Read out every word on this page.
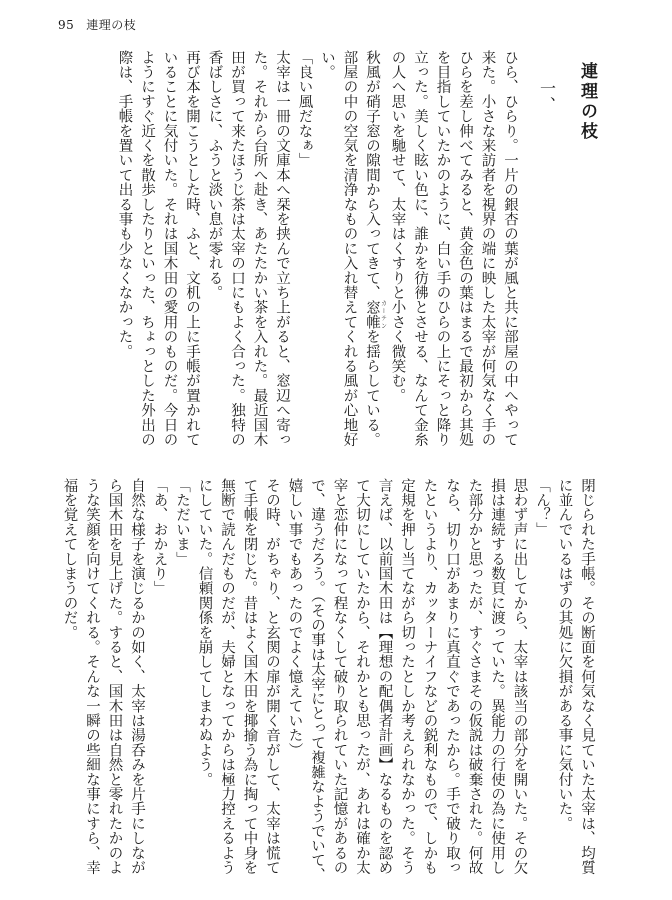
95 連理の枝
連理の枝
一、

ひら、ひらり。一片の銀杏の葉が風と共に部屋の中へやって来た。小さな来訪者を視界の端に映した太宰が何気なく手のひらを差し伸べてみると、黄金色の葉はまるで最初から其処を目指していたかのように、白い手のひらの上にそっと降り立った。美しく眩い色に、誰かを彷彿とさせる、なんて金糸の人へ思いを馳せて、太宰はくすりと小さく微笑む。

秋風が硝子窓の隙間から入ってきて、窓帷 カーテンを揺らしている。部屋の中の空気を清浄なものに入れ替えてくれる風が心地好い。

「良い風だなぁ」

太宰は一冊の文庫本へ栞を挟んで立ち上がると、窓辺へ寄った。それから台所へ赴き、あたたかい茶を入れた。最近国木田が買って来たほうじ茶は太宰の口にもよく合った。独特の香ばしさに、ふうと淡い息が零れる。

再び本を開こうとした時、ふと、文机の上に手帳が置かれていることに気付いた。それは国木田の愛用のものだ。今日のようにすぐ近くを散歩したりといった、ちょっとした外出の際は、手帳を置いて出る事も少なくなかった。

閉じられた手帳。その断面を何気なく見ていた太宰は、均質に並んでいるはずの其処に欠損がある事に気付いた。

「ん？」

思わず声に出してから、太宰は該当の部分を開いた。その欠損は連続する数頁に渡っていた。異能力の行使の為に使用した部分かと思ったが、すぐさまその仮説は破棄された。何故なら、切り口があまりに真直ぐであったから。手で破り取ったというより、カッターナイフなどの鋭利なもので、しかも定規を押し当てながら切ったとしか考えられなかった。そう言えば、以前国木田は【理想の配偶者計画】なるものを認めて大切にしていたから、それかとも思ったが、あれは確か太宰と恋仲になって程なくして破り取られていた記憶があるので、違うだろう。（その事は太宰にとって複雑なようでいて、嬉しい事でもあったのでよく憶えていた）

その時、がちゃり、と玄関の扉が開く音がして、太宰は慌てて手帳を閉じた。昔はよく国木田を揶揄う為に掏って中身を無断で読んだものだが、夫婦となってからは極力控えるようにしていた。信頼関係を崩してしまわぬよう。

「ただいま」

「あ、おかえり」

自然な様子を演じるかの如く、太宰は湯呑みを片手にしながら国木田を見上げた。すると、国木田は自然と零れたかのような笑顔を向けてくれる。そんな一瞬の些細な事にすら、幸福を覚えてしまうのだ。
